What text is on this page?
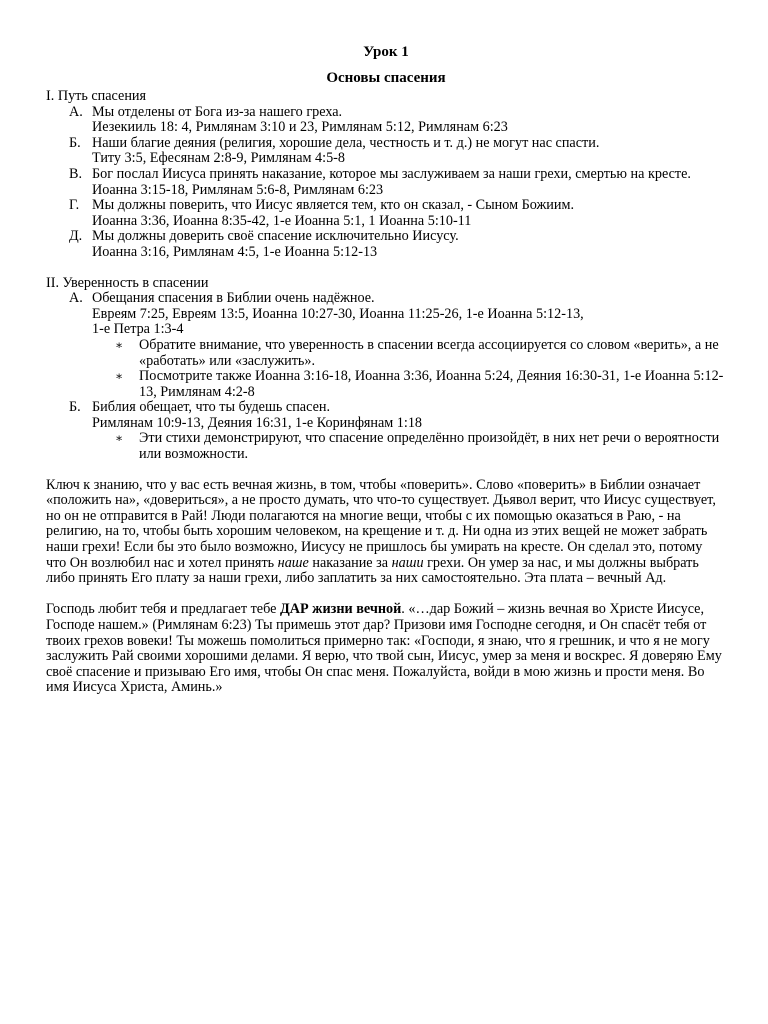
Урок 1
Основы спасения
I. Путь спасения
А. Мы отделены от Бога из-за нашего греха.
Иезекииль 18: 4, Римлянам 3:10 и 23, Римлянам 5:12, Римлянам 6:23
Б. Наши благие деяния (религия, хорошие дела, честность и т. д.) не могут нас спасти.
Титу 3:5, Ефесянам 2:8-9, Римлянам 4:5-8
В. Бог послал Иисуса принять наказание, которое мы заслуживаем за наши грехи, смертью на кресте.
Иоанна 3:15-18, Римлянам 5:6-8, Римлянам 6:23
Г. Мы должны поверить, что Иисус является тем, кто он сказал, - Сыном Божиим.
Иоанна 3:36, Иоанна 8:35-42, 1-е Иоанна 5:1, 1 Иоанна 5:10-11
Д. Мы должны доверить своё спасение исключительно Иисусу.
Иоанна 3:16, Римлянам 4:5, 1-е Иоанна 5:12-13
II. Уверенность в спасении
А. Обещания спасения в Библии очень надёжное.
Евреям 7:25, Евреям 13:5, Иоанна 10:27-30, Иоанна 11:25-26, 1-е Иоанна 5:12-13,
1-е Петра 1:3-4
∗ Обратите внимание, что уверенность в спасении всегда ассоциируется со словом «верить», а не «работать» или «заслужить».
∗ Посмотрите также Иоанна 3:16-18, Иоанна 3:36, Иоанна 5:24, Деяния 16:30-31, 1-е Иоанна 5:12-13, Римлянам 4:2-8
Б. Библия обещает, что ты будешь спасен.
Римлянам 10:9-13, Деяния 16:31, 1-е Коринфянам 1:18
∗ Эти стихи демонстрируют, что спасение определённо произойдёт, в них нет речи о вероятности или возможности.

Ключ к знанию, что у вас есть вечная жизнь, в том, чтобы «поверить». Слово «поверить» в Библии означает «положить на», «довериться», а не просто думать, что что-то существует. Дьявол верит, что Иисус существует, но он не отправится в Рай! Люди полагаются на многие вещи, чтобы с их помощью оказаться в Раю, - на религию, на то, чтобы быть хорошим человеком, на крещение и т. д. Ни одна из этих вещей не может забрать наши грехи! Если бы это было возможно, Иисусу не пришлось бы умирать на кресте. Он сделал это, потому что Он возлюбил нас и хотел принять наше наказание за наши грехи. Он умер за нас, и мы должны выбрать либо принять Его плату за наши грехи, либо заплатить за них самостоятельно. Эта плата – вечный Ад.

Господь любит тебя и предлагает тебе ДАР жизни вечной. «…дар Божий – жизнь вечная во Христе Иисусе, Господе нашем.» (Римлянам 6:23) Ты примешь этот дар? Призови имя Господне сегодня, и Он спасёт тебя от твоих грехов вовеки! Ты можешь помолиться примерно так: «Господи, я знаю, что я грешник, и что я не могу заслужить Рай своими хорошими делами. Я верю, что твой сын, Иисус, умер за меня и воскрес. Я доверяю Ему своё спасение и призываю Его имя, чтобы Он спас меня. Пожалуйста, войди в мою жизнь и прости меня. Во имя Иисуса Христа, Аминь.»
